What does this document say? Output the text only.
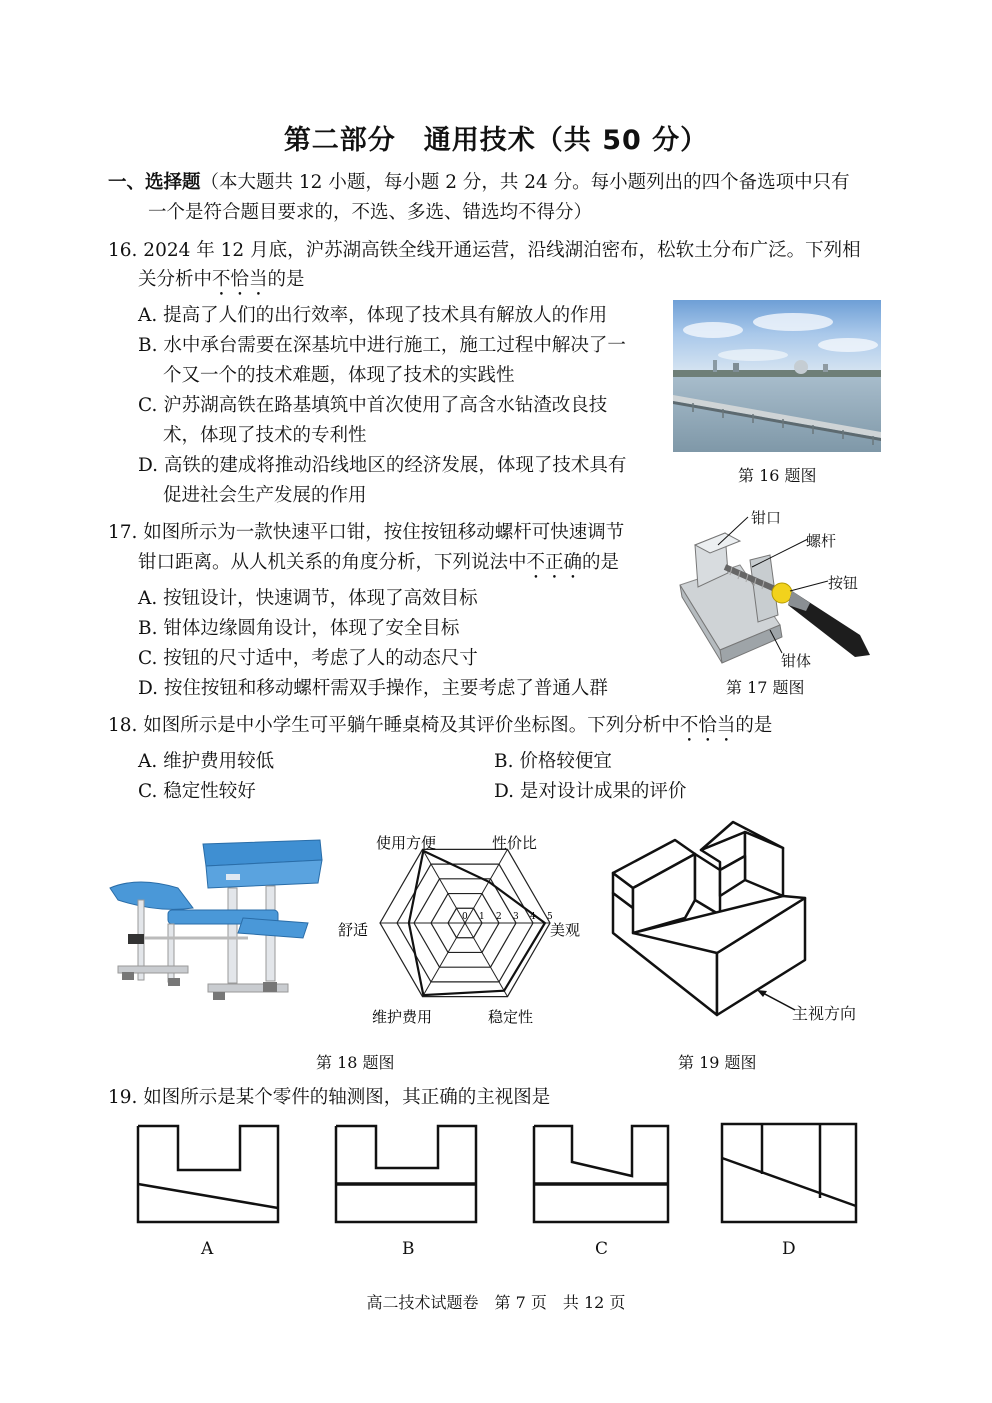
第二部分　通用技术（共 50 分）
一、选择题（本大题共 12 小题，每小题 2 分，共 24 分。每小题列出的四个备选项中只有
一个是符合题目要求的，不选、多选、错选均不得分）
16. 2024 年 12 月底，沪苏湖高铁全线开通运营，沿线湖泊密布，松软土分布广泛。下列相
关分析中不恰当的是
A. 提高了人们的出行效率，体现了技术具有解放人的作用
B. 水中承台需要在深基坑中进行施工，施工过程中解决了一
个又一个的技术难题，体现了技术的实践性
C. 沪苏湖高铁在路基填筑中首次使用了高含水钻渣改良技
术，体现了技术的专利性
D. 高铁的建成将推动沿线地区的经济发展，体现了技术具有
促进社会生产发展的作用
第 16 题图
17. 如图所示为一款快速平口钳，按住按钮移动螺杆可快速调节
钳口距离。从人机关系的角度分析，下列说法中不正确的是
A. 按钮设计，快速调节，体现了高效目标
B. 钳体边缘圆角设计，体现了安全目标
C. 按钮的尺寸适中，考虑了人的动态尺寸
D. 按住按钮和移动螺杆需双手操作，主要考虑了普通人群
钳口
螺杆
按钮
钳体
第 17 题图
18. 如图所示是中小学生可平躺午睡桌椅及其评价坐标图。下列分析中不恰当的是
A. 维护费用较低	B. 价格较便宜
C. 稳定性较好	D. 是对设计成果的评价
0 1 2 3 4 5
使用方便	性价比
美观
稳定性
维护费用
舒适
第 18 题图
主视方向
第 19 题图
19. 如图所示是某个零件的轴测图，其正确的主视图是
A	B	C	D
高二技术试题卷　第 7 页　共 12 页
